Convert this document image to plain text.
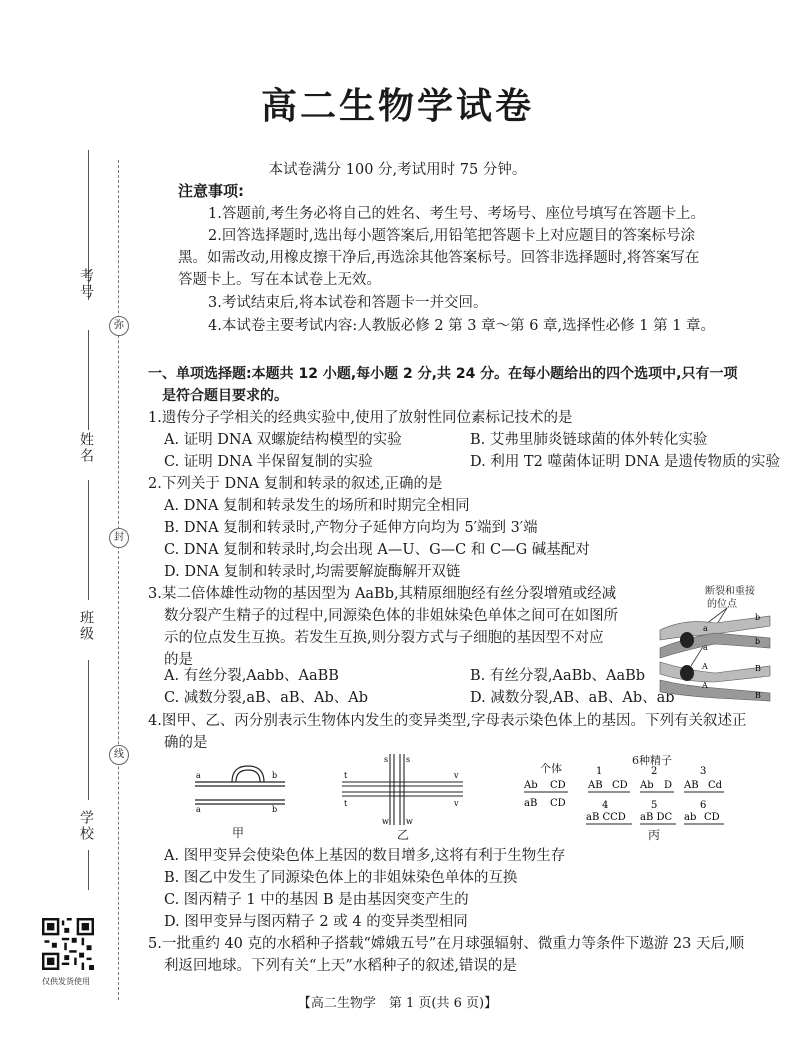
考号
弥
姓名
封
班级
线
学校
仅供发货使用
高二生物学试卷
本试卷满分 100 分,考试用时 75 分钟。
注意事项:
1.答题前,考生务必将自己的姓名、考生号、考场号、座位号填写在答题卡上。
2.回答选择题时,选出每小题答案后,用铅笔把答题卡上对应题目的答案标号涂
黑。如需改动,用橡皮擦干净后,再选涂其他答案标号。回答非选择题时,将答案写在
答题卡上。写在本试卷上无效。
3.考试结束后,将本试卷和答题卡一并交回。
4.本试卷主要考试内容:人教版必修 2 第 3 章～第 6 章,选择性必修 1 第 1 章。
一、单项选择题:本题共 12 小题,每小题 2 分,共 24 分。在每小题给出的四个选项中,只有一项
是符合题目要求的。
1.遗传分子学相关的经典实验中,使用了放射性同位素标记技术的是
A. 证明 DNA 双螺旋结构模型的实验	B. 艾弗里肺炎链球菌的体外转化实验
C. 证明 DNA 半保留复制的实验	D. 利用 T2 噬菌体证明 DNA 是遗传物质的实验
2.下列关于 DNA 复制和转录的叙述,正确的是
A. DNA 复制和转录发生的场所和时期完全相同
B. DNA 复制和转录时,产物分子延伸方向均为 5′端到 3′端
C. DNA 复制和转录时,均会出现 A—U、G—C 和 C—G 碱基配对
D. DNA 复制和转录时,均需要解旋酶解开双链
3.某二倍体雄性动物的基因型为 AaBb,其精原细胞经有丝分裂增殖或经减
数分裂产生精子的过程中,同源染色体的非姐妹染色单体之间可在如图所
示的位点发生互换。若发生互换,则分裂方式与子细胞的基因型不对应
的是
A. 有丝分裂,Aabb、AaBB	B. 有丝分裂,AaBb、AaBb
C. 减数分裂,aB、aB、Ab、Ab	D. 减数分裂,AB、aB、Ab、ab
断裂和重接
的位点
a
a
A
A
b
b
B
B
4.图甲、乙、丙分别表示生物体内发生的变异类型,字母表示染色体上的基因。下列有关叙述正
确的是
a	b
a	b
甲
t
t
v
v
s s
w w
乙
个体
6种精子
Ab CD
aB CD
1	2	3
AB CD Ab D AB Cd
4	5	6
aB CCD aB DC ab CD
丙
A. 图甲变异会使染色体上基因的数目增多,这将有利于生物生存
B. 图乙中发生了同源染色体上的非姐妹染色单体的互换
C. 图丙精子 1 中的基因 B 是由基因突变产生的
D. 图甲变异与图丙精子 2 或 4 的变异类型相同
5.一批重约 40 克的水稻种子搭载“嫦娥五号”在月球强辐射、微重力等条件下遨游 23 天后,顺
利返回地球。下列有关“上天”水稻种子的叙述,错误的是
【高二生物学　第 1 页(共 6 页)】
